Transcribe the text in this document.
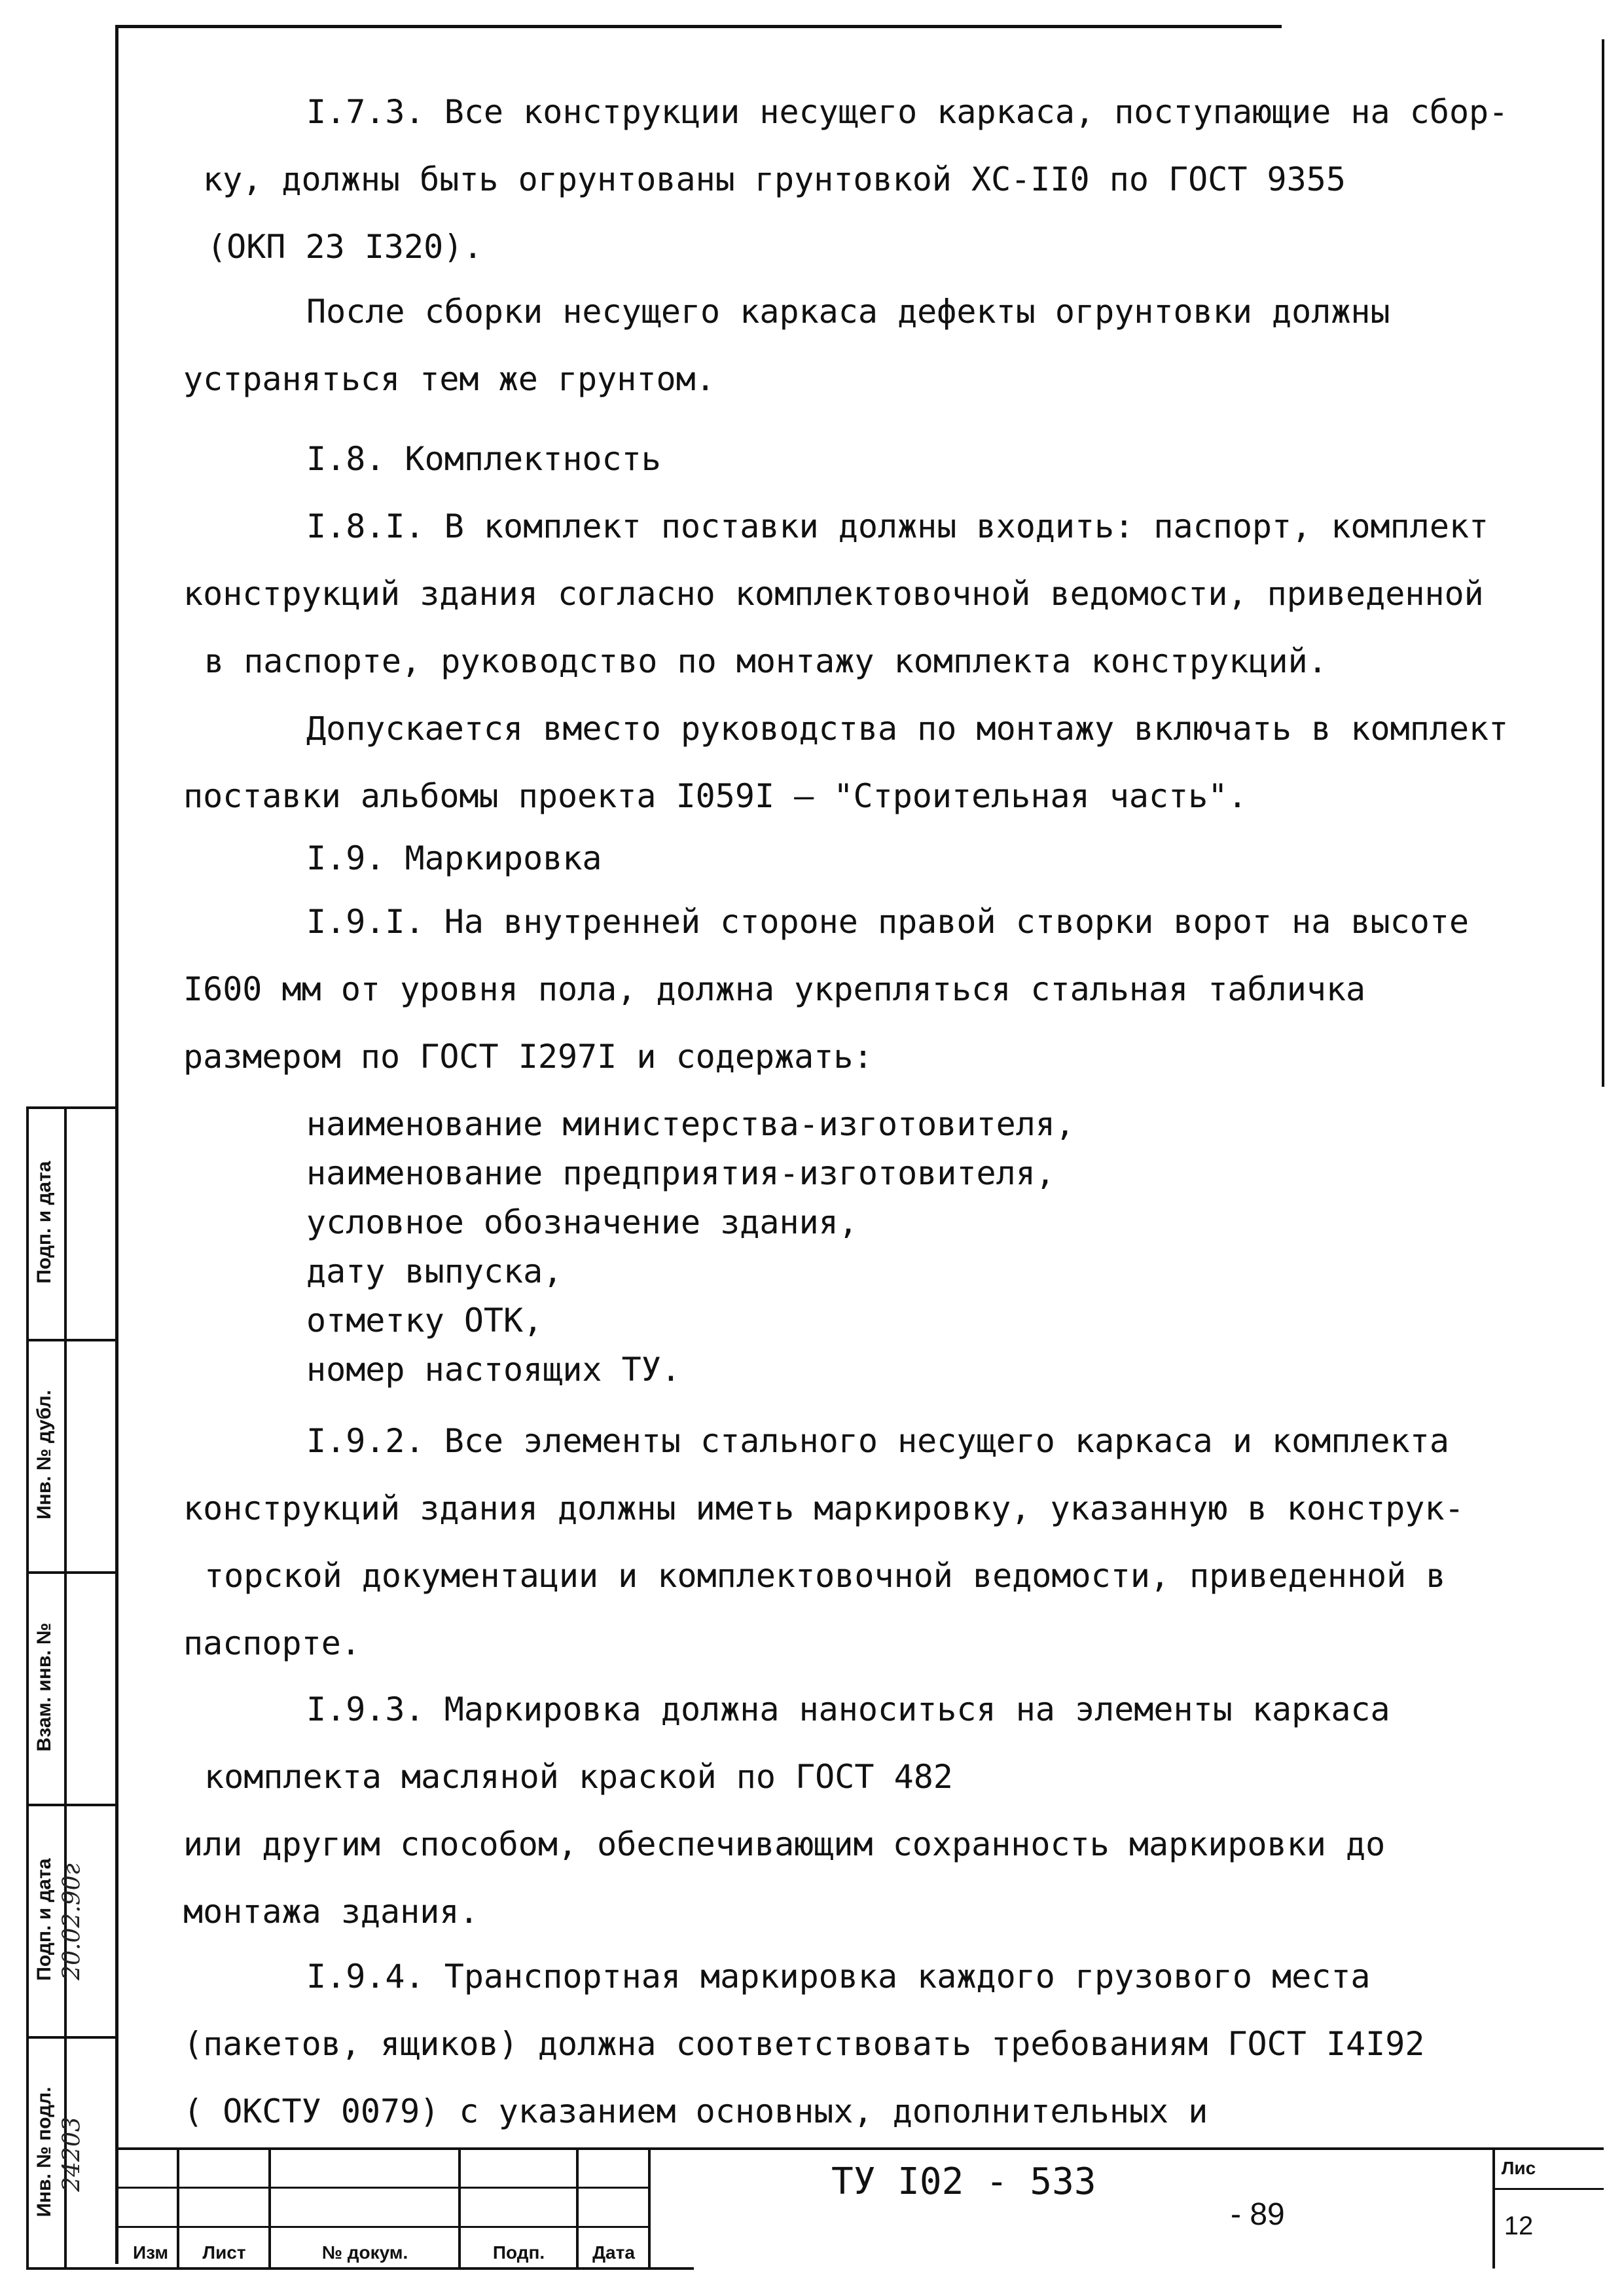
I.7.3. Все конструкции несущего каркаса, поступающие на сбор-
ку, должны быть огрунтованы грунтовкой ХС-II0 по ГОСТ 9355
(ОКП 23 I320).
После сборки несущего каркаса дефекты огрунтовки должны
устраняться тем же грунтом.
I.8. Комплектность
I.8.I. В комплект поставки должны входить: паспорт, комплект
конструкций здания согласно комплектовочной ведомости, приведенной
в паспорте, руководство по монтажу комплекта конструкций.
Допускается вместо руководства по монтажу включать в комплект
поставки альбомы проекта I059I – "Строительная часть".
I.9. Маркировка
I.9.I. На внутренней стороне правой створки ворот на высоте
I600 мм от уровня пола, должна укрепляться стальная табличка
размером по ГОСТ I297I и содержать:
наименование министерства-изготовителя,
наименование предприятия-изготовителя,
условное обозначение здания,
дату выпуска,
отметку ОТК,
номер настоящих ТУ.
I.9.2. Все элементы стального несущего каркаса и комплекта
конструкций здания должны иметь маркировку, указанную в конструк-
торской документации и комплектовочной ведомости, приведенной в
паспорте.
I.9.3. Маркировка должна наноситься на элементы каркаса
комплекта масляной краской по ГОСТ 482
или другим способом, обеспечивающим сохранность маркировки до
монтажа здания.
I.9.4. Транспортная маркировка каждого грузового места
(пакетов, ящиков) должна соответствовать требованиям ГОСТ I4I92
( ОКСТУ 0079) с указанием основных, дополнительных и
Подп. и дата
Инв. № дубл.
Взам. инв. №
Подп. и дата
Инв. № подл.
20.02.90г
24203
Изм	Лист	№ докум.	Подп.	Дата
ТУ I02 - 533
- 89
Лис
12
